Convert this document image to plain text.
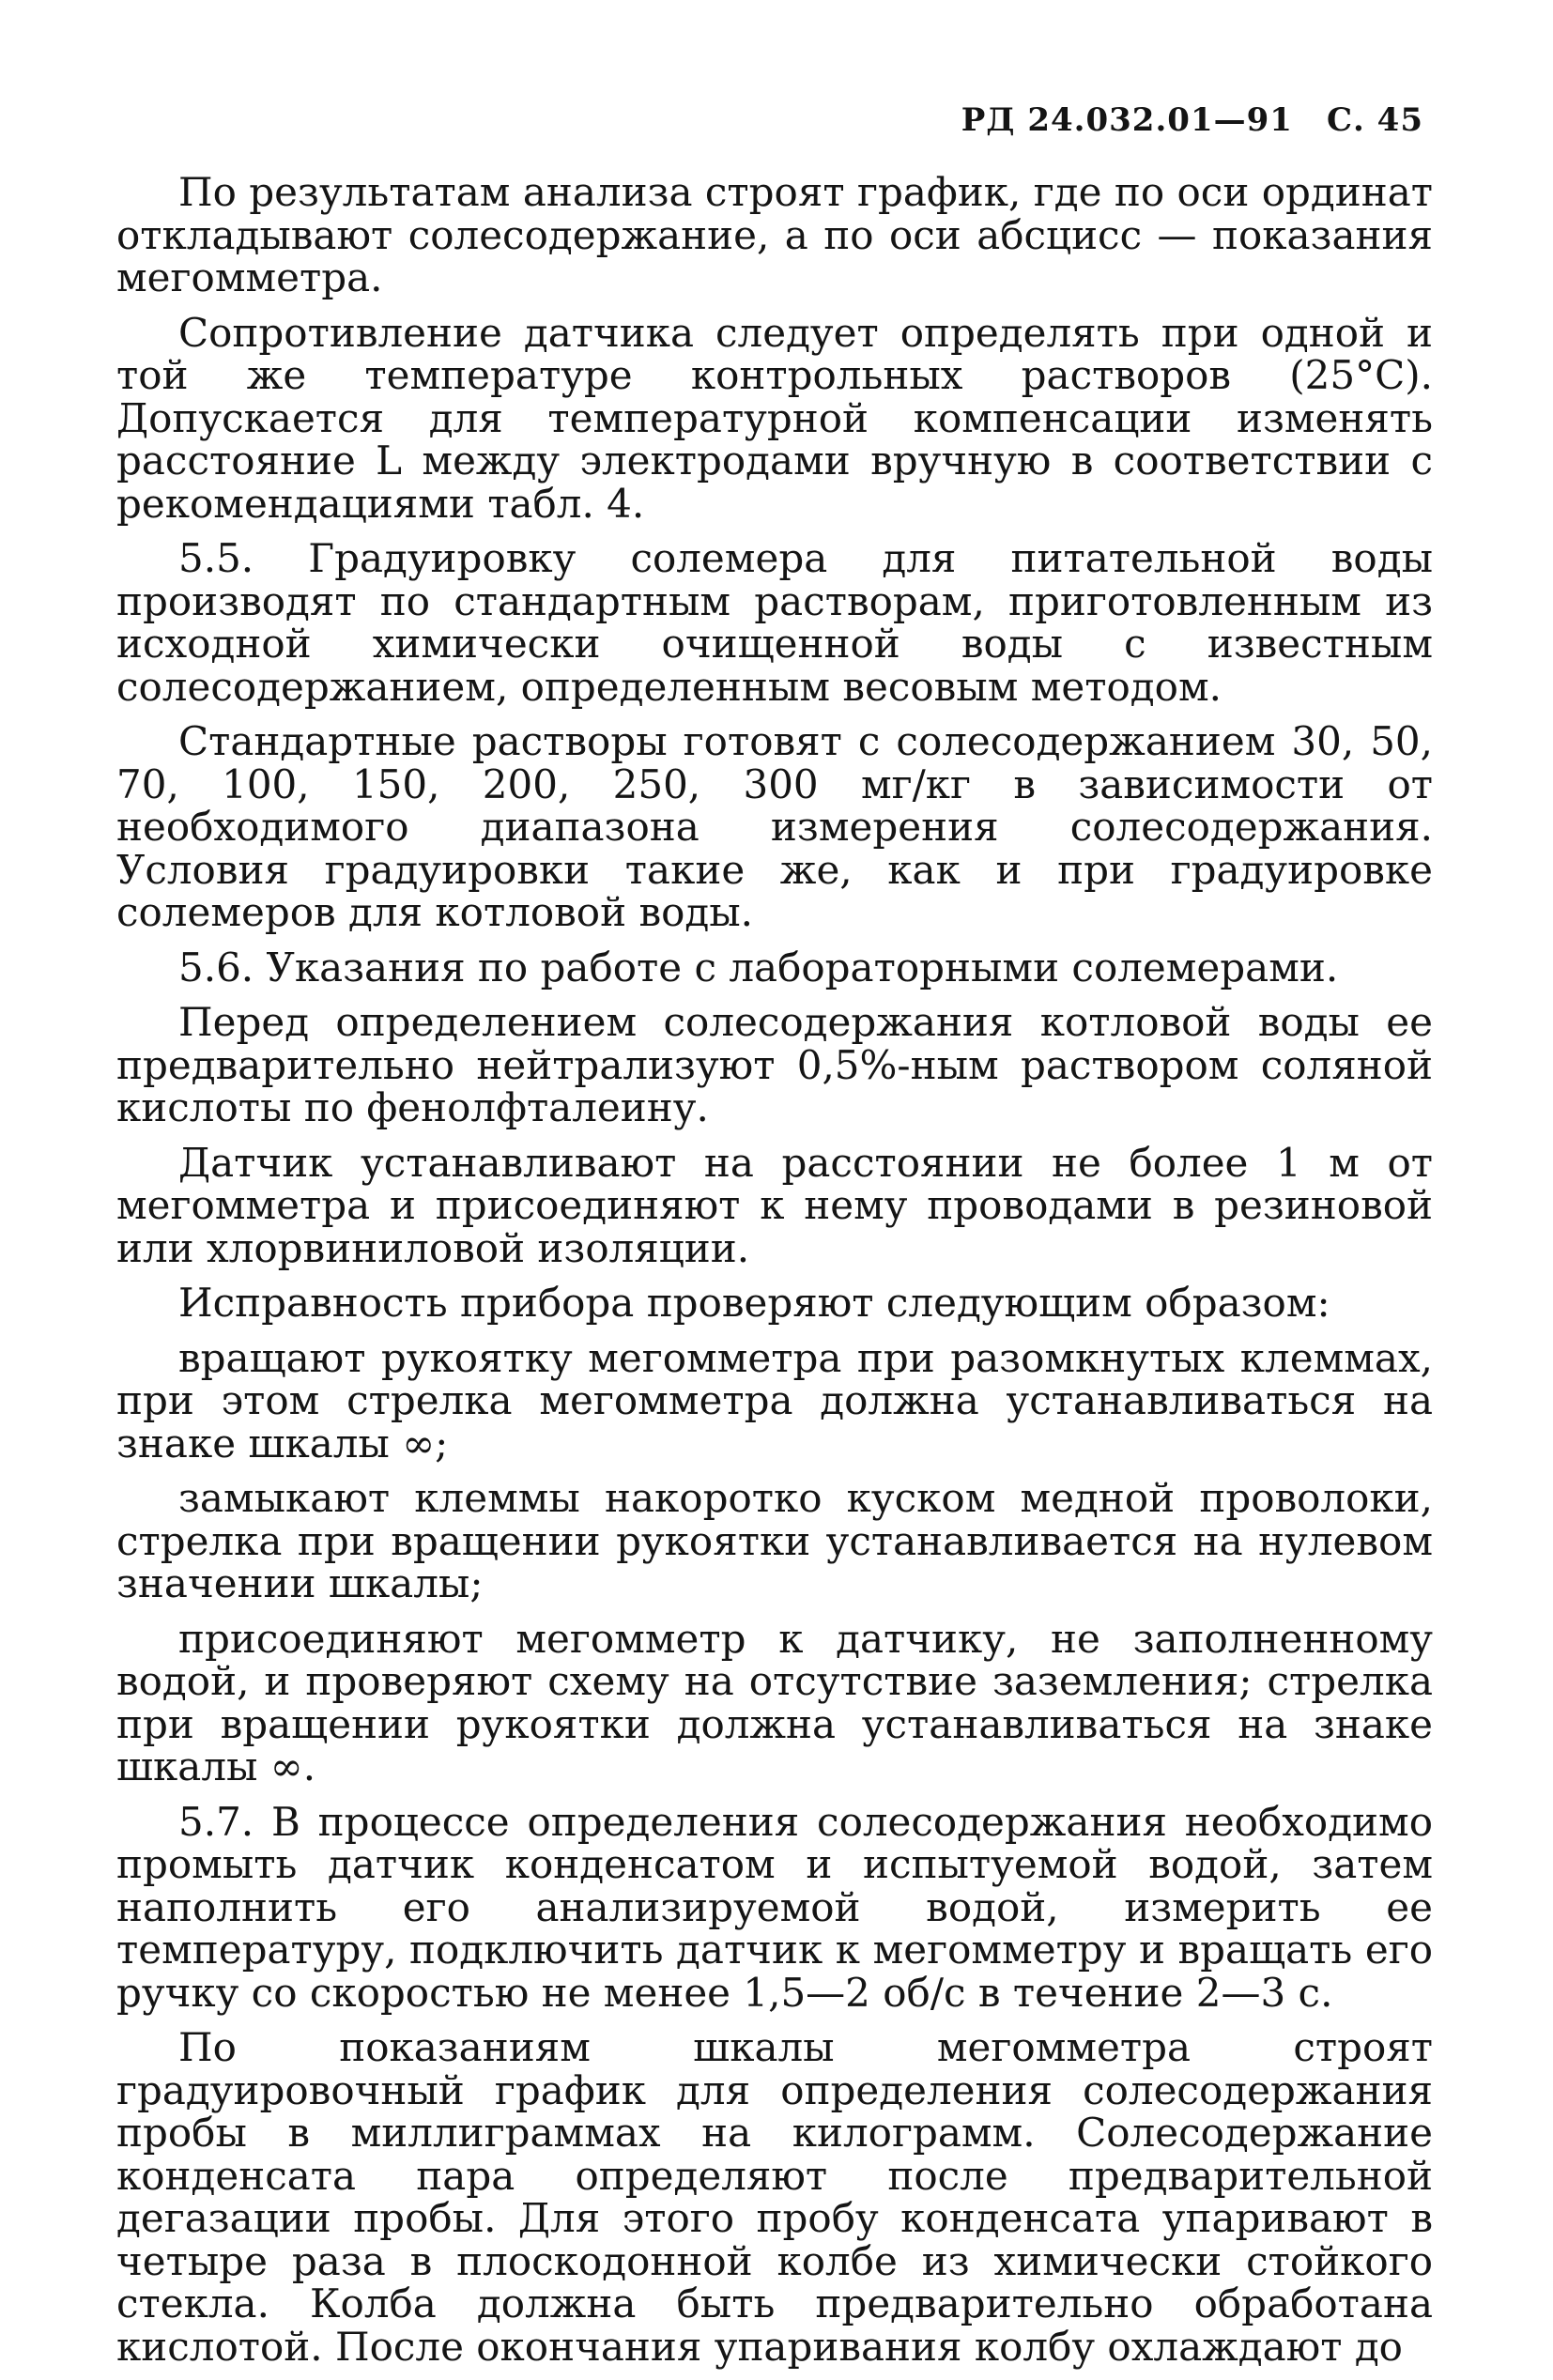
РД 24.032.01—91 С. 45

По результатам анализа строят график, где по оси ординат откладывают солесодержание, а по оси абсцисс — показания мегомметра.

Сопротивление датчика следует определять при одной и той же температуре контрольных растворов (25°С). Допускается для температурной компенсации изменять расстояние L между электродами вручную в соответствии с рекомендациями табл. 4.

5.5. Градуировку солемера для питательной воды производят по стандартным растворам, приготовленным из исходной химически очищенной воды с известным солесодержанием, определенным весовым методом.

Стандартные растворы готовят с солесодержанием 30, 50, 70, 100, 150, 200, 250, 300 мг/кг в зависимости от необходимого диапазона измерения солесодержания. Условия градуировки такие же, как и при градуировке солемеров для котловой воды.

5.6. Указания по работе с лабораторными солемерами.

Перед определением солесодержания котловой воды ее предварительно нейтрализуют 0,5%-ным раствором соляной кислоты по фенолфталеину.

Датчик устанавливают на расстоянии не более 1 м от мегомметра и присоединяют к нему проводами в резиновой или хлорвиниловой изоляции.

Исправность прибора проверяют следующим образом:

вращают рукоятку мегомметра при разомкнутых клеммах, при этом стрелка мегомметра должна устанавливаться на знаке шкалы ∞;

замыкают клеммы накоротко куском медной проволоки, стрелка при вращении рукоятки устанавливается на нулевом значении шкалы;

присоединяют мегомметр к датчику, не заполненному водой, и проверяют схему на отсутствие заземления; стрелка при вращении рукоятки должна устанавливаться на знаке шкалы ∞.

5.7. В процессе определения солесодержания необходимо промыть датчик конденсатом и испытуемой водой, затем наполнить его анализируемой водой, измерить ее температуру, подключить датчик к мегомметру и вращать его ручку со скоростью не менее 1,5—2 об/с в течение 2—3 с.

По показаниям шкалы мегомметра строят градуировочный график для определения солесодержания пробы в миллиграммах на килограмм. Солесодержание конденсата пара определяют после предварительной дегазации пробы. Для этого пробу конденсата упаривают в четыре раза в плоскодонной колбе из химически стойкого стекла. Колба должна быть предварительно обработана кислотой. После окончания упаривания колбу охлаждают до
